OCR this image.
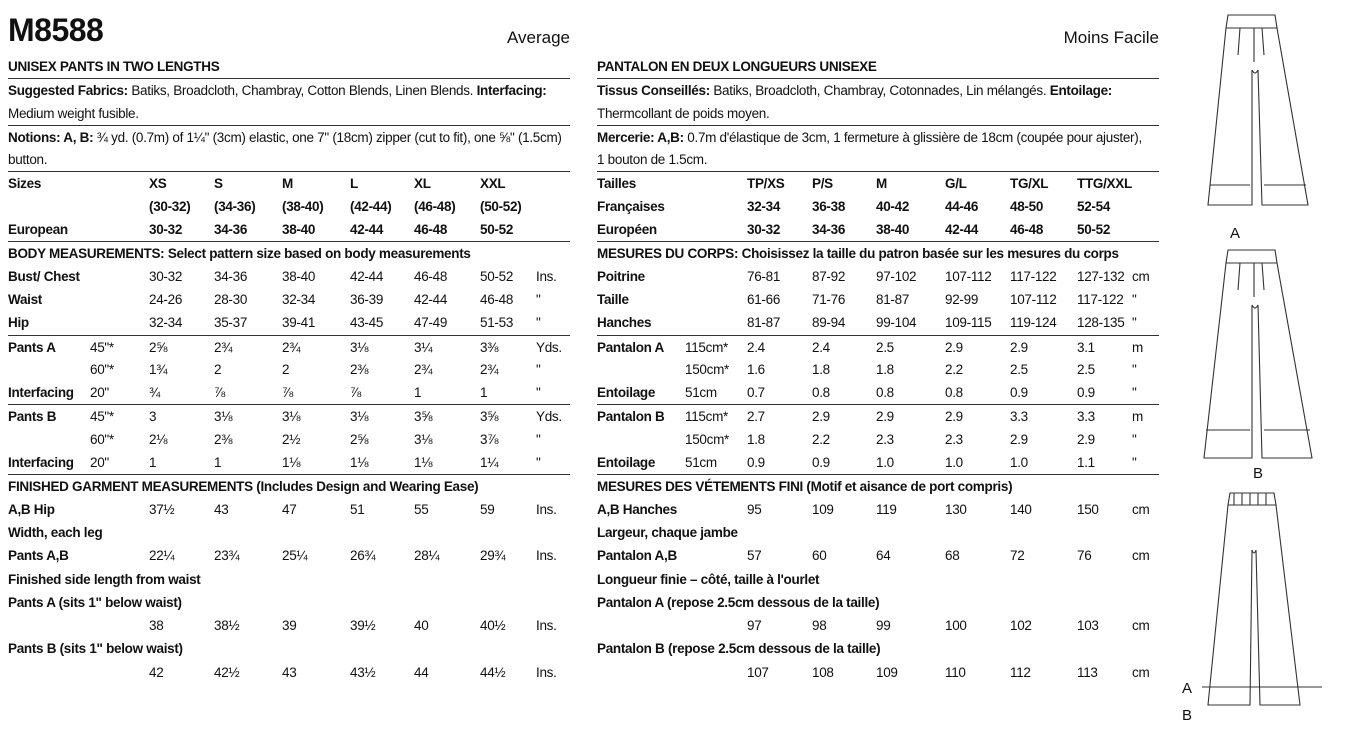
M8588	Average
UNISEX PANTS IN TWO LENGTHS
Suggested Fabrics: Batiks, Broadcloth, Chambray, Cotton Blends, Linen Blends. Interfacing:
Medium weight fusible.
Notions: A, B: ¾ yd. (0.7m) of 1¼" (3cm) elastic, one 7" (18cm) zipper (cut to fit), one ⅝" (1.5cm)
button.
Sizes	XS	S	M	L	XL	XXL
(30-32) (34-36) (38-40) (42-44) (46-48) (50-52)
European	30-32 34-36	38-40	42-44 46-48 50-52
BODY MEASUREMENTS: Select pattern size based on body measurements
Bust/ Chest	30-32 34-36	38-40	42-44 46-48 50-52 Ins.
Waist	24-26 28-30	32-34	36-39 42-44 46-48 "
Hip	32-34 35-37	39-41	43-45 47-49 51-53 "
Pants A	45"*	2⅝	2¾	2¾	3⅛	3¼	3⅜	Yds.
60"*	1¾	2	2	2⅜	2¾	2¾	"
Interfacing 20"	¾	⅞	⅞	⅞	1	1	"
Pants B	45"*	3	3⅛	3⅛	3⅛	3⅝	3⅝	Yds.
60"*	2⅛	2⅜	2½	2⅝	3⅛	3⅞	"
Interfacing 20"	1	1	1⅛	1⅛	1⅛	1¼	"
FINISHED GARMENT MEASUREMENTS (Includes Design and Wearing Ease)
A,B Hip	37½	43	47	51	55	59	Ins.
Width, each leg
Pants A,B	22¼	23¾	25¼	26¾	28¼	29¾ Ins.
Finished side length from waist
Pants A (sits 1" below waist)
38	38½	39	39½	40	40½ Ins.
Pants B (sits 1" below waist)
42	42½	43	43½	44	44½ Ins.
Moins Facile
PANTALON EN DEUX LONGUEURS UNISEXE
Tissus Conseillés: Batiks, Broadcloth, Chambray, Cotonnades, Lin mélangés. Entoilage:
Thermcollant de poids moyen.
Mercerie: A,B: 0.7m d'élastique de 3cm, 1 fermeture à glissière de 18cm (coupée pour ajuster),
1 bouton de 1.5cm.
Tailles	TP/XS P/S	M	G/L	TG/XL TTG/XXL
Françaises	32-34 36-38 40-42	44-46 48-50	52-54
Européen	30-32 34-36 38-40	42-44 46-48	50-52
MESURES DU CORPS: Choisissez la taille du patron basée sur les mesures du corps
Poitrine	76-81 87-92 97-102 107-112 117-122 127-132 cm
Taille	61-66 71-76 81-87	92-99 107-112 117-122 "
Hanches	81-87 89-94 99-104 109-115 119-124 128-135 "
Pantalon A 115cm* 2.4	2.4	2.5	2.9	2.9	3.1	m
150cm* 1.6	1.8	1.8	2.2	2.5	2.5	"
Entoilage 51cm 0.7	0.8	0.8	0.8	0.9	0.9	"
Pantalon B 115cm* 2.7	2.9	2.9	2.9	3.3	3.3	m
150cm* 1.8	2.2	2.3	2.3	2.9	2.9	"
Entoilage 51cm 0.9	0.9	1.0	1.0	1.0	1.1	"
MESURES DES VÉTEMENTS FINI (Motif et aisance de port compris)
A,B Hanches	95	109	119	130	140	150 cm
Largeur, chaque jambe
Pantalon A,B	57	60	64	68	72	76	cm
Longueur finie – côté, taille à l'ourlet
Pantalon A (repose 2.5cm dessous de la taille)
97	98	99	100	102	103 cm
Pantalon B (repose 2.5cm dessous de la taille)
107	108	109	110	112	113	cm
A
B
A
B
